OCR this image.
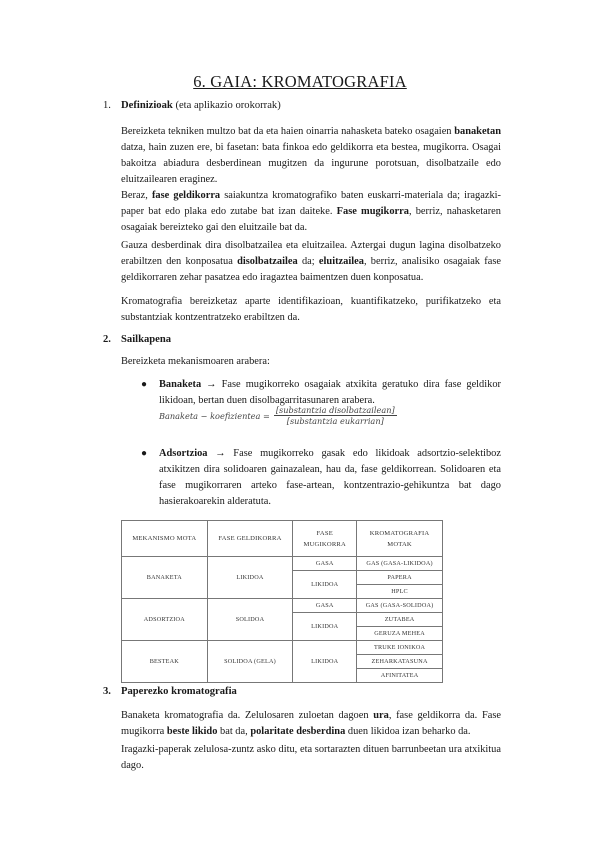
6. GAIA: KROMATOGRAFIA
1. Definizioak (eta aplikazio orokorrak)
Bereizketa tekniken multzo bat da eta haien oinarria nahasketa bateko osagaien banaketan datza, hain zuzen ere, bi fasetan: bata finkoa edo geldikorra eta bestea, mugikorra. Osagai bakoitza abiadura desberdinean mugitzen da ingurune porotsuan, disolbatzaile edo eluitzailearen eraginez.
Beraz, fase geldikorra saiakuntza kromatografiko baten euskarri-materiala da; iragazki-paper bat edo plaka edo zutabe bat izan daiteke. Fase mugikorra, berriz, nahasketaren osagaiak bereizteko gai den eluitzaile bat da.
Gauza desberdinak dira disolbatzailea eta eluitzailea. Aztergai dugun lagina disolbatzeko erabiltzen den konposatua disolbatzailea da; eluitzailea, berriz, analisiko osagaiak fase geldikorraren zehar pasatzea edo iragaztea baimentzen duen konposatua.
Kromatografia bereizketaz aparte identifikazioan, kuantifikatzeko, purifikatzeko eta substantziak kontzentratzeko erabiltzen da.
2. Sailkapena
Bereizketa mekanismoaren arabera:
●	Banaketa → Fase mugikorreko osagaiak atxikita geratuko dira fase geldikor likidoan, bertan duen disolbagarritasunaren arabera.
Banaketa − koefizientea = $\frac{\text{[substantzia disolbatzailean]}}{\text{[substantzia eukarrian]}}$
●	Adsortzioa → Fase mugikorreko gasak edo likidoak adsortzio-selektiboz atxikitzen dira solidoaren gainazalean, hau da, fase geldikorrean. Solidoaren eta fase mugikorraren arteko fase-artean, kontzentrazio-gehikuntza bat dago hasierakoarekin alderatuta.
MEKANISMO MOTA	FASE GELDIKORRA	FASE MUGIKORRA	KROMATOGRAFIA MOTAK
BANAKETA	LIKIDOA	GASA	GAS (GASA-LIKIDOA)
		LIKIDOA	PAPERA
			HPLC
ADSORTZIOA	SOLIDOA	GASA	GAS (GASA-SOLIDOA)
		LIKIDOA	ZUTABEA
			GERUZA MEHEA
BESTEAK	SOLIDOA (GELA)	LIKIDOA	TRUKE IONIKOA
			ZEHARKATASUNA
			AFINITATEA
3. Paperezko kromatografia
Banaketa kromatografia da. Zelulosaren zuloetan dagoen ura, fase geldikorra da. Fase mugikorra beste likido bat da, polaritate desberdina duen likidoa izan beharko da.
Iragazki-paperak zelulosa-zuntz asko ditu, eta sortarazten dituen barrunbeetan ura atxikitua dago.
